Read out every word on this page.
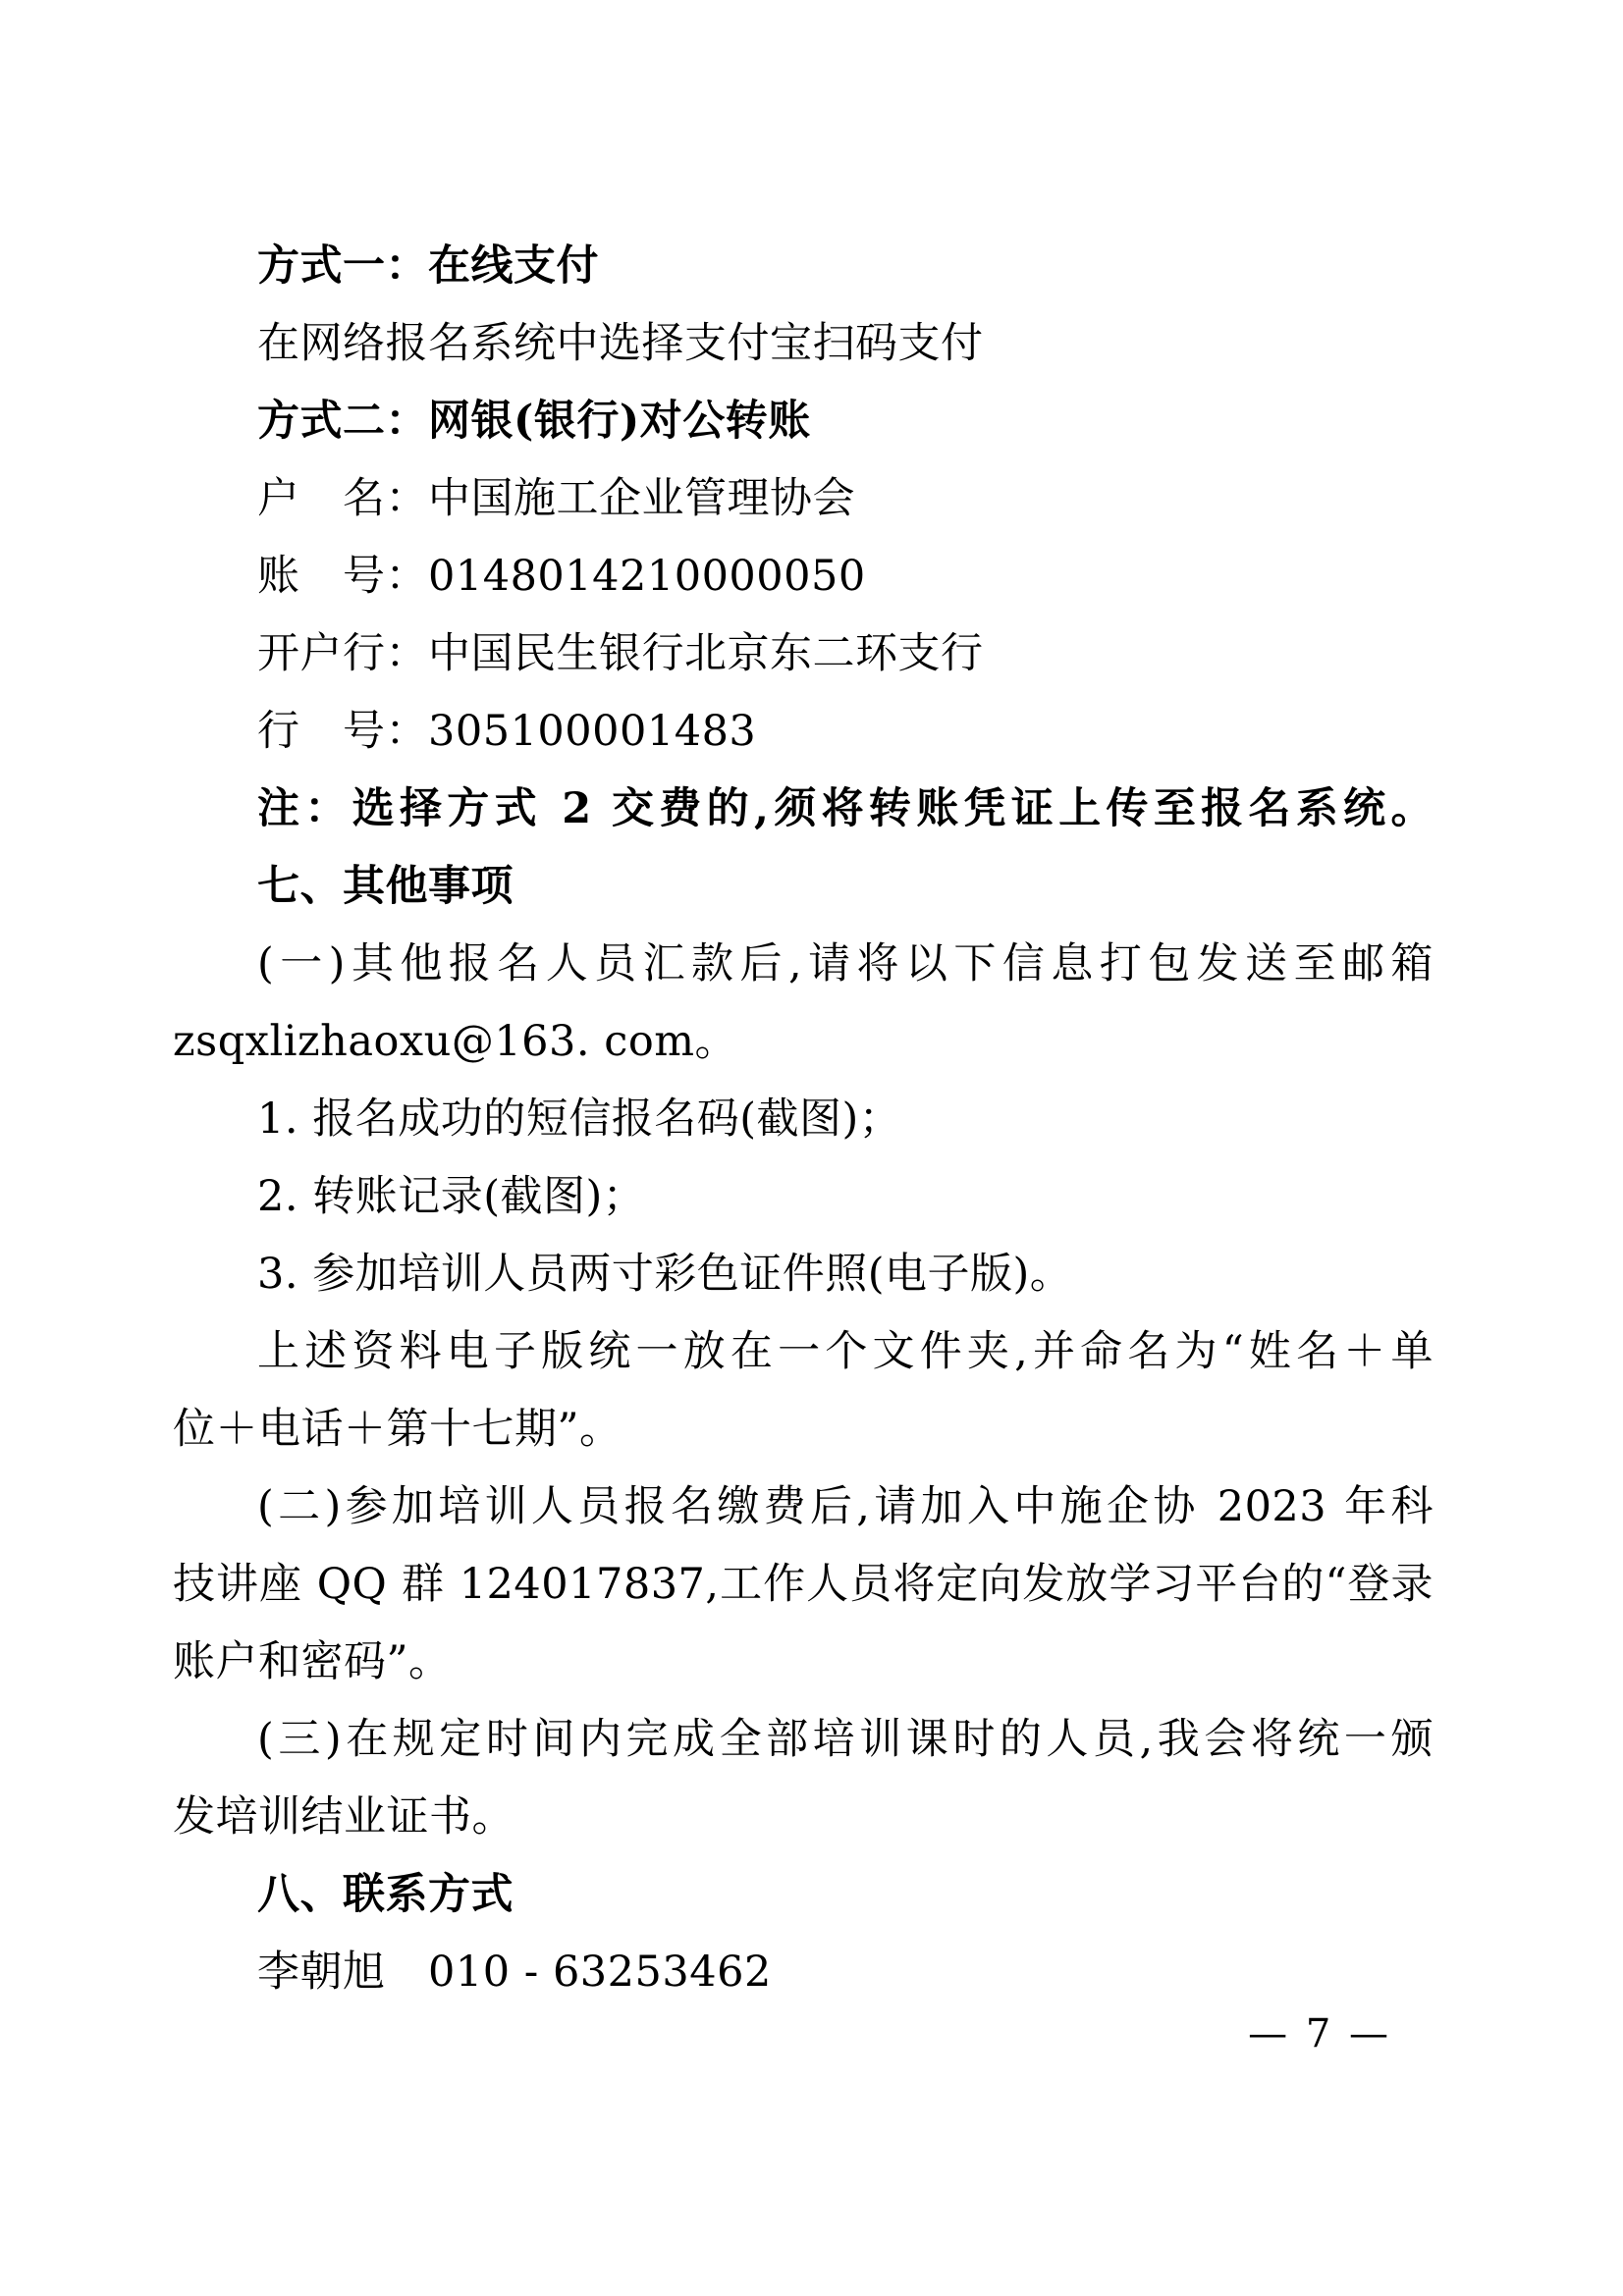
方式一：在线支付
在网络报名系统中选择支付宝扫码支付
方式二：网银(银行)对公转账
户　名：中国施工企业管理协会
账　号：0148014210000050
开户行：中国民生银行北京东二环支行
行　号：305100001483
注：选择方式 2 交费的,须将转账凭证上传至报名系统。
七、其他事项
(一)其他报名人员汇款后,请将以下信息打包发送至邮箱
zsqxlizhaoxu@163. com。
1. 报名成功的短信报名码(截图)；
2. 转账记录(截图)；
3. 参加培训人员两寸彩色证件照(电子版)。
上述资料电子版统一放在一个文件夹,并命名为“姓名＋单
位＋电话＋第十七期”。
(二)参加培训人员报名缴费后,请加入中施企协 2023 年科
技讲座 QQ 群 124017837,工作人员将定向发放学习平台的“登录
账户和密码”。
(三)在规定时间内完成全部培训课时的人员,我会将统一颁
发培训结业证书。
八、联系方式
李朝旭　010 - 63253462
— 7 —
